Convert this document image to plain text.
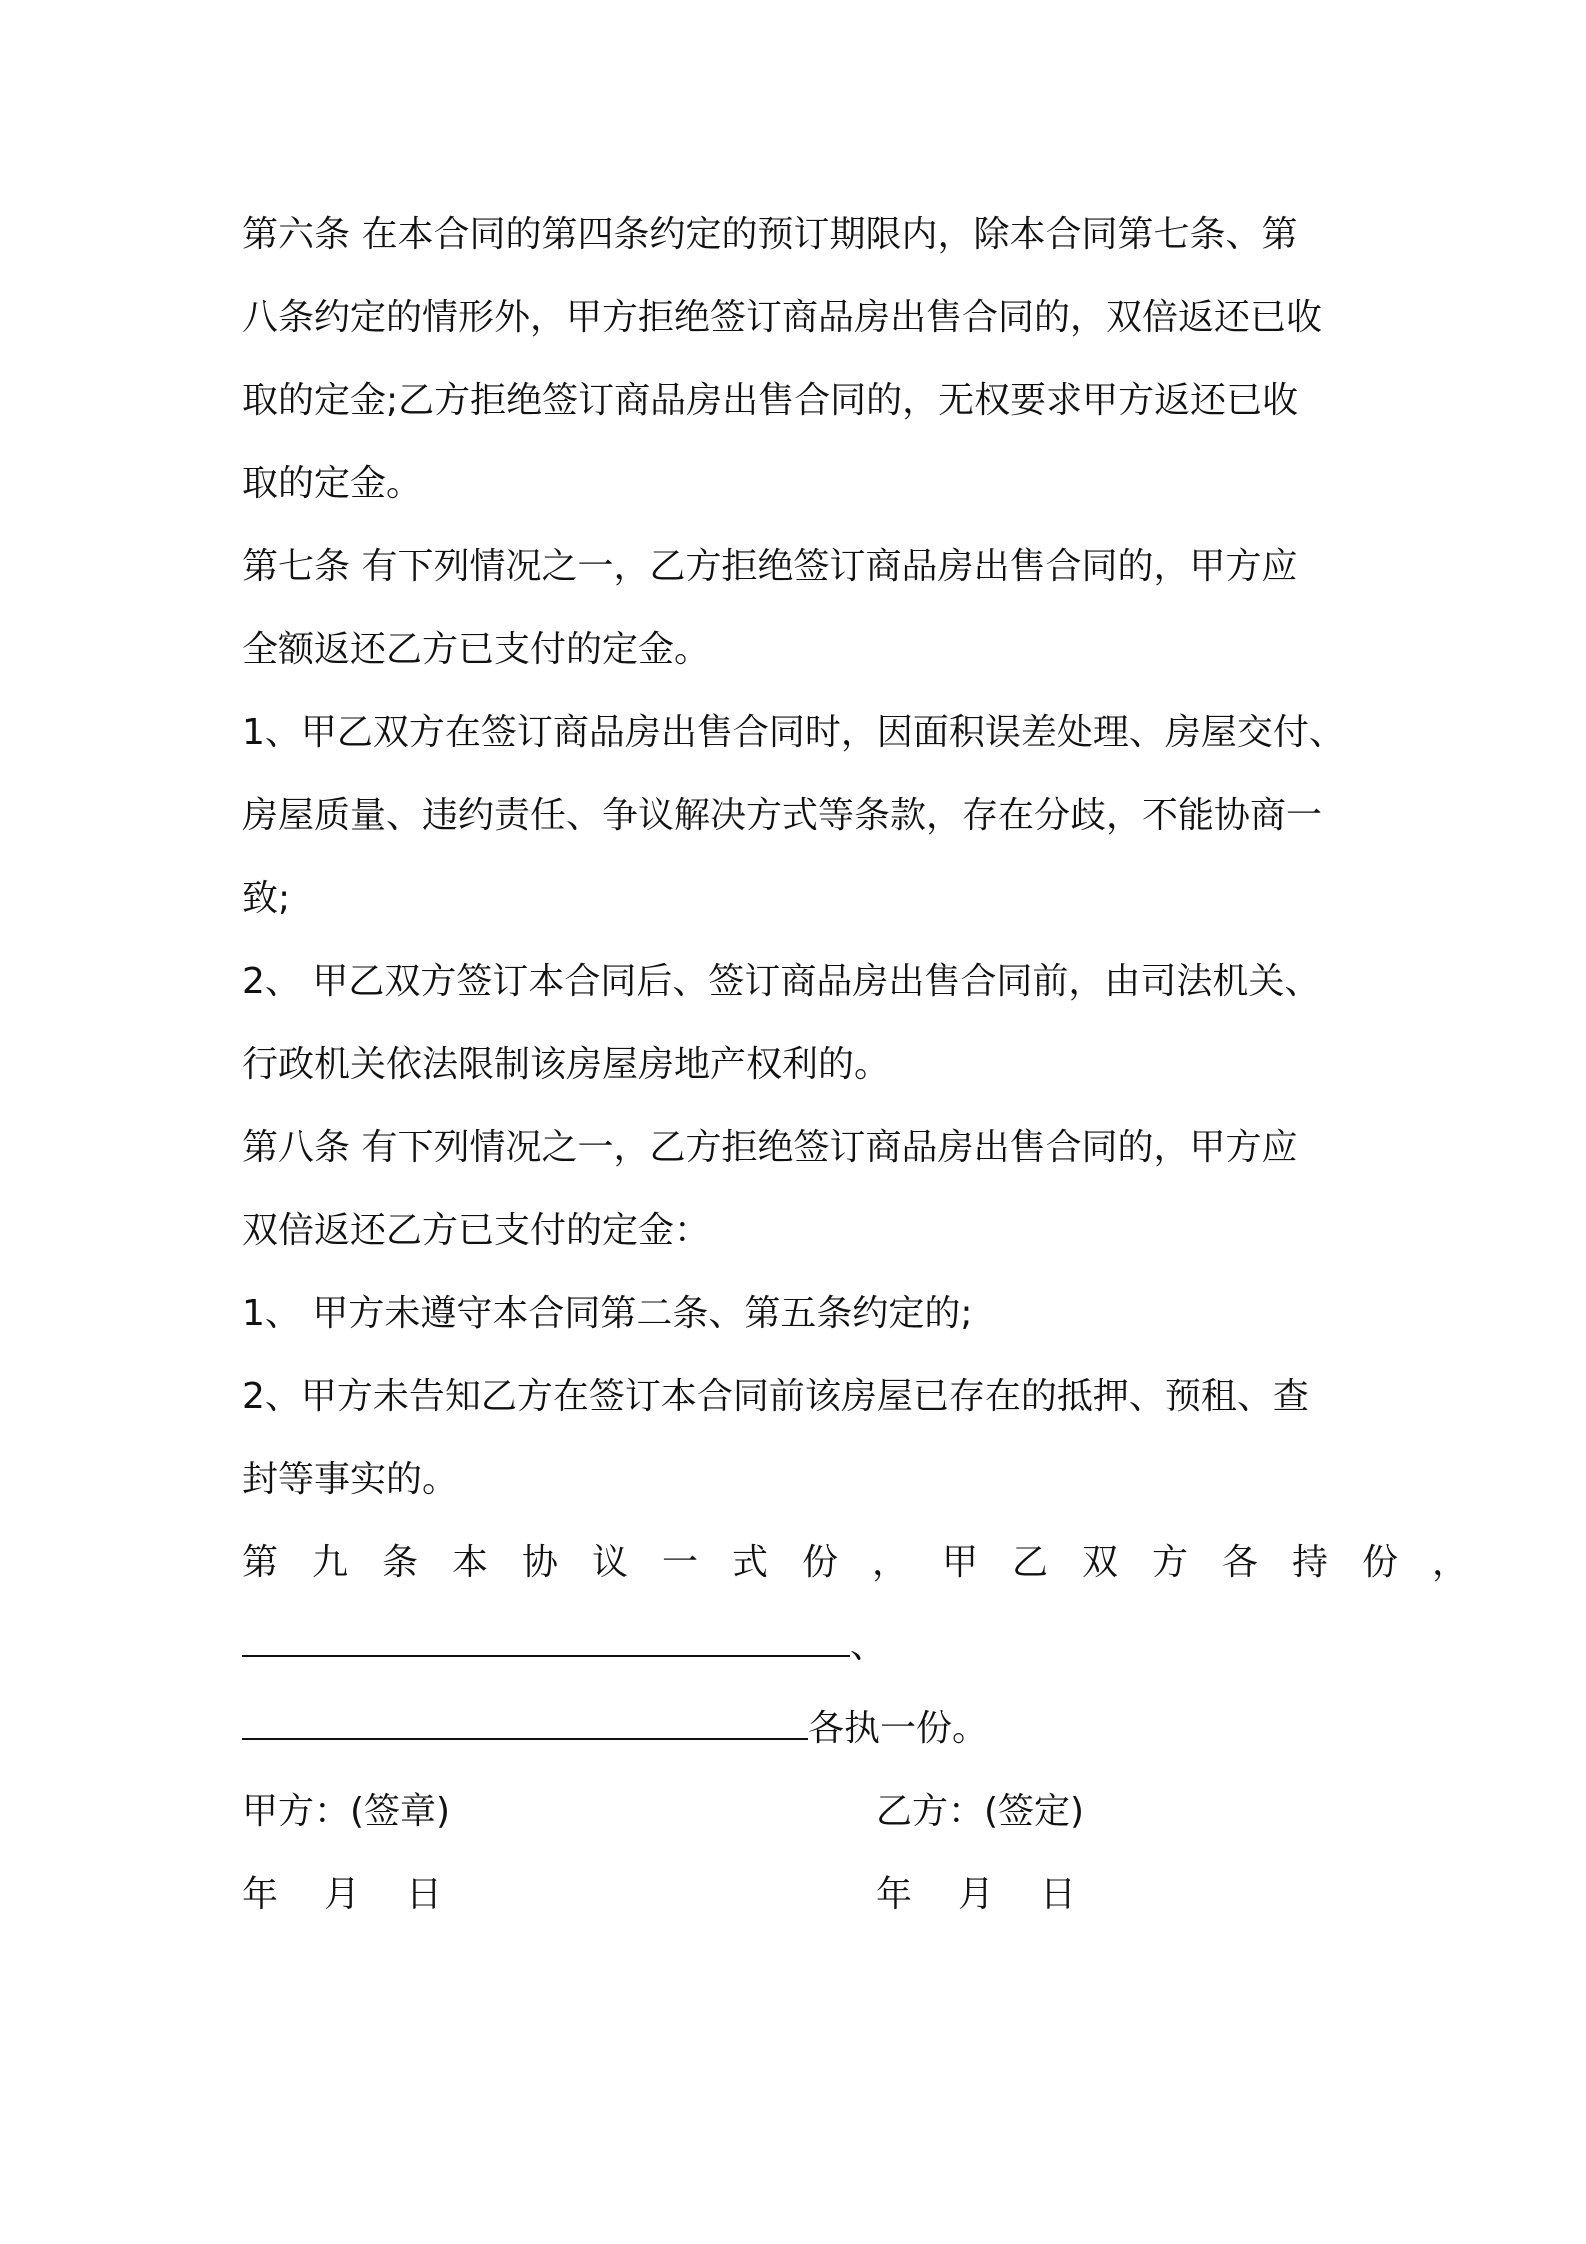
第六条 在本合同的第四条约定的预订期限内，除本合同第七条、第
八条约定的情形外，甲方拒绝签订商品房出售合同的，双倍返还已收
取的定金;乙方拒绝签订商品房出售合同的，无权要求甲方返还已收
取的定金。
第七条 有下列情况之一，乙方拒绝签订商品房出售合同的，甲方应
全额返还乙方已支付的定金。
1、甲乙双方在签订商品房出售合同时，因面积误差处理、房屋交付、
房屋质量、违约责任、争议解决方式等条款，存在分歧，不能协商一
致;
2、 甲乙双方签订本合同后、签订商品房出售合同前，由司法机关、
行政机关依法限制该房屋房地产权利的。
第八条 有下列情况之一，乙方拒绝签订商品房出售合同的，甲方应
双倍返还乙方已支付的定金：
1、 甲方未遵守本合同第二条、第五条约定的;
2、甲方未告知乙方在签订本合同前该房屋已存在的抵押、预租、查
封等事实的。
第九条本协议一式份，甲乙双方各持份，
、
各执一份。
甲方：(签章)	乙方：(签定)
年 月 日	年 月 日
